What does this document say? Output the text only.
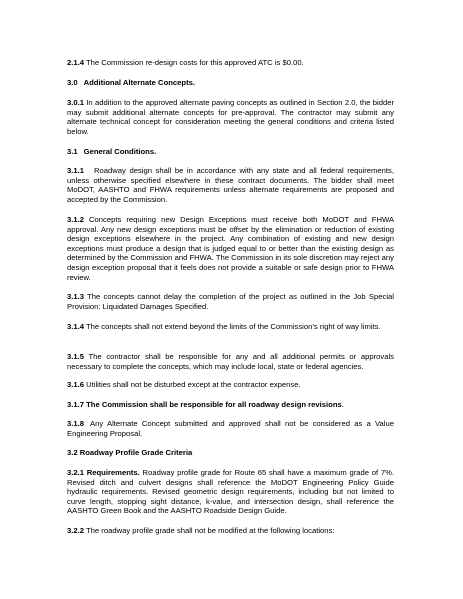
2.1.4 The Commission re-design costs for this approved ATC is $0.00.

3.0 Additional Alternate Concepts.

3.0.1 In addition to the approved alternate paving concepts as outlined in Section 2.0, the bidder may submit additional alternate concepts for pre-approval. The contractor may submit any alternate technical concept for consideration meeting the general conditions and criteria listed below.

3.1 General Conditions.

3.1.1 Roadway design shall be in accordance with any state and all federal requirements, unless otherwise specified elsewhere in these contract documents. The bidder shall meet MoDOT, AASHTO and FHWA requirements unless alternate requirements are proposed and accepted by the Commission.

3.1.2 Concepts requiring new Design Exceptions must receive both MoDOT and FHWA approval. Any new design exceptions must be offset by the elimination or reduction of existing design exceptions elsewhere in the project. Any combination of existing and new design exceptions must produce a design that is judged equal to or better than the existing design as determined by the Commission and FHWA. The Commission in its sole discretion may reject any design exception proposal that it feels does not provide a suitable or safe design prior to FHWA review.

3.1.3 The concepts cannot delay the completion of the project as outlined in the Job Special Provision: Liquidated Damages Specified.

3.1.4 The concepts shall not extend beyond the limits of the Commission’s right of way limits.

3.1.5 The contractor shall be responsible for any and all additional permits or approvals necessary to complete the concepts, which may include local, state or federal agencies.

3.1.6 Utilities shall not be disturbed except at the contractor expense.

3.1.7 The Commission shall be responsible for all roadway design revisions.

3.1.8 Any Alternate Concept submitted and approved shall not be considered as a Value Engineering Proposal.

3.2 Roadway Profile Grade Criteria

3.2.1 Requirements. Roadway profile grade for Route 65 shall have a maximum grade of 7%. Revised ditch and culvert designs shall reference the MoDOT Engineering Policy Guide hydraulic requirements. Revised geometric design requirements, including but not limited to curve length, stopping sight distance, k-value, and intersection design, shall reference the AASHTO Green Book and the AASHTO Roadside Design Guide.

3.2.2 The roadway profile grade shall not be modified at the following locations:
